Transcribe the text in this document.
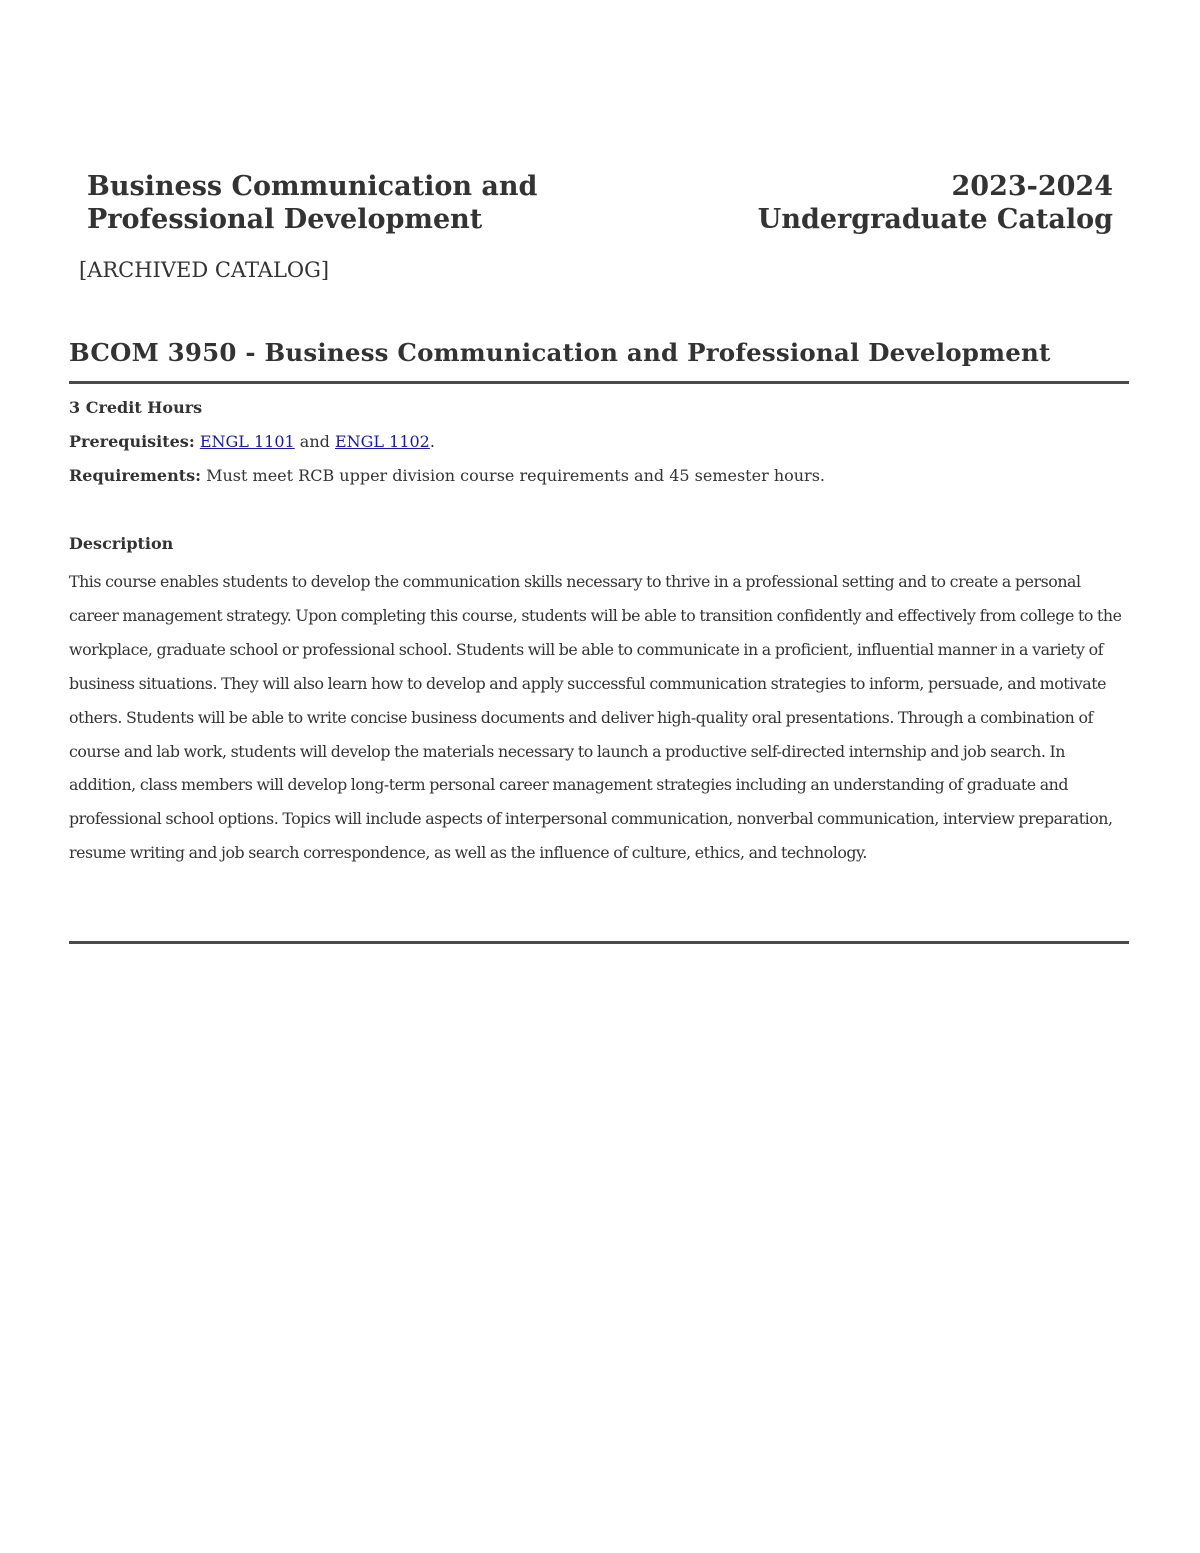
Business Communication and
Professional Development
2023-2024
Undergraduate Catalog
[ARCHIVED CATALOG]
BCOM 3950 - Business Communication and Professional Development
3 Credit Hours
Prerequisites: ENGL 1101 and ENGL 1102.
Requirements: Must meet RCB upper division course requirements and 45 semester hours.
Description
This course enables students to develop the communication skills necessary to thrive in a professional setting and to create a personal career management strategy. Upon completing this course, students will be able to transition confidently and effectively from college to the workplace, graduate school or professional school. Students will be able to communicate in a proficient, influential manner in a variety of business situations. They will also learn how to develop and apply successful communication strategies to inform, persuade, and motivate others. Students will be able to write concise business documents and deliver high-quality oral presentations. Through a combination of course and lab work, students will develop the materials necessary to launch a productive self-directed internship and job search. In addition, class members will develop long-term personal career management strategies including an understanding of graduate and professional school options. Topics will include aspects of interpersonal communication, nonverbal communication, interview preparation, resume writing and job search correspondence, as well as the influence of culture, ethics, and technology.
